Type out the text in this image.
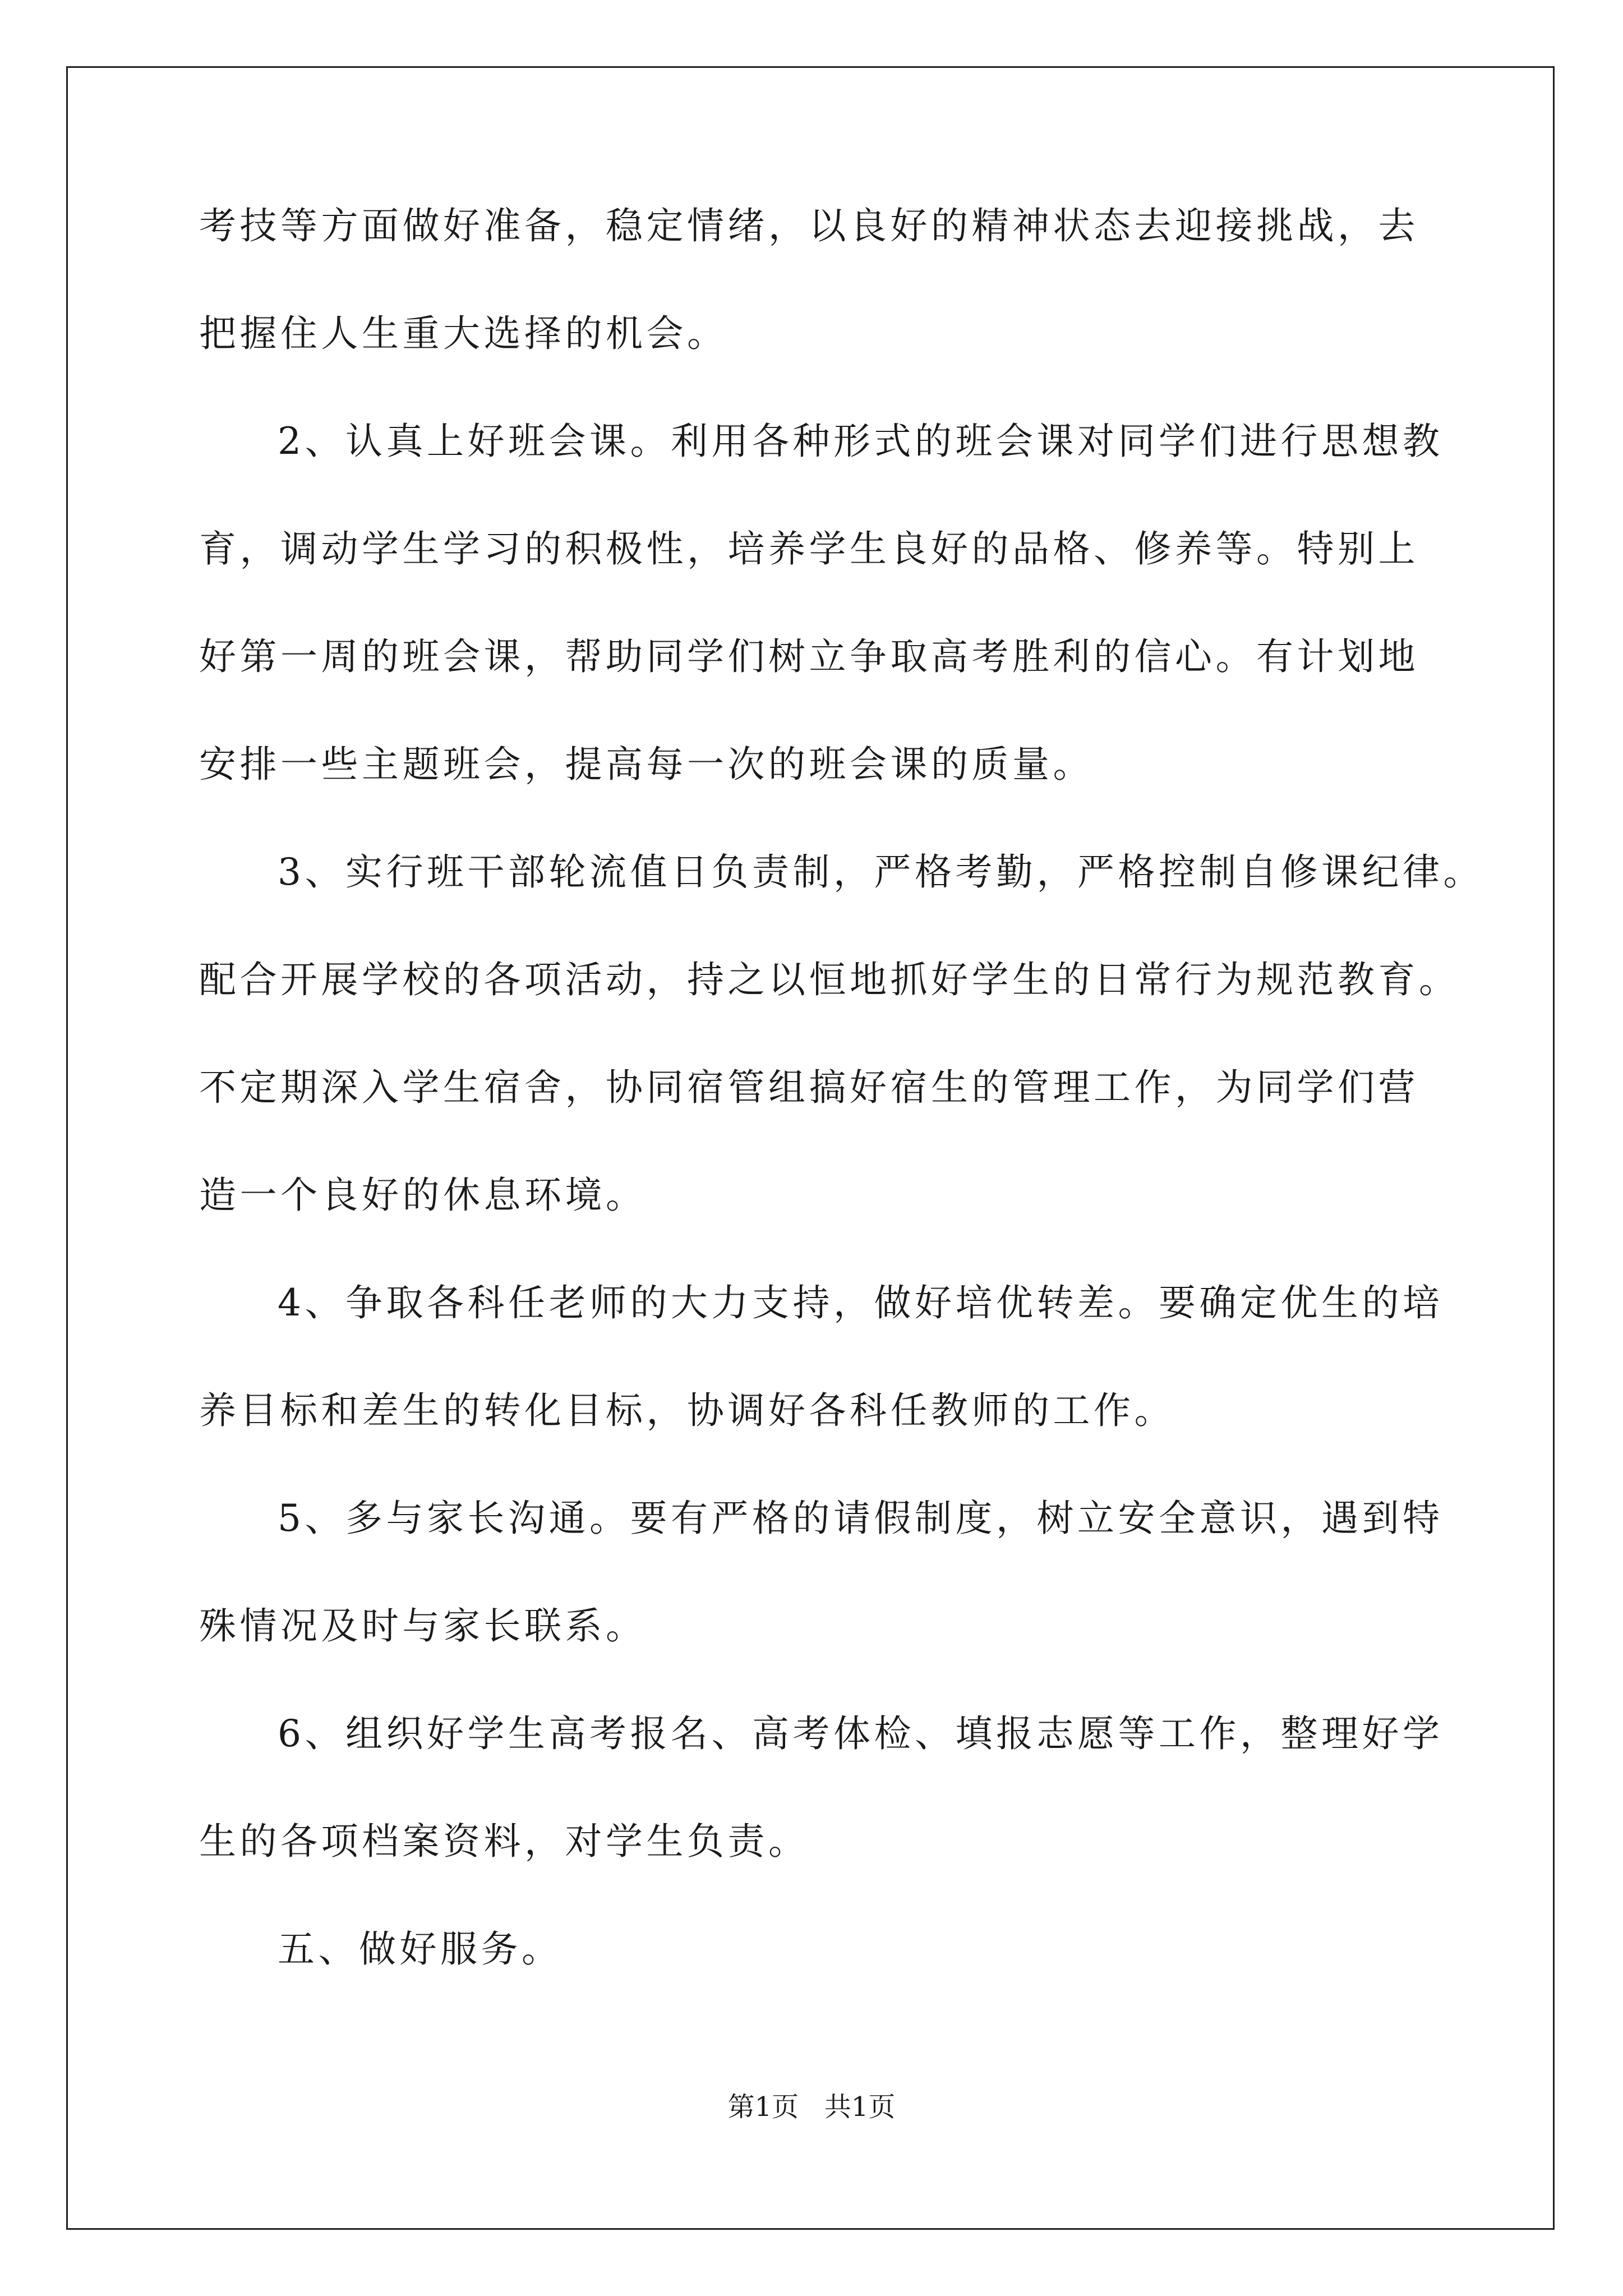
考技等方面做好准备，稳定情绪，以良好的精神状态去迎接挑战，去
把握住人生重大选择的机会。
2、认真上好班会课。利用各种形式的班会课对同学们进行思想教
育，调动学生学习的积极性，培养学生良好的品格、修养等。特别上
好第一周的班会课，帮助同学们树立争取高考胜利的信心。有计划地
安排一些主题班会，提高每一次的班会课的质量。
3、实行班干部轮流值日负责制，严格考勤，严格控制自修课纪律。
配合开展学校的各项活动，持之以恒地抓好学生的日常行为规范教育。
不定期深入学生宿舍，协同宿管组搞好宿生的管理工作，为同学们营
造一个良好的休息环境。
4、争取各科任老师的大力支持，做好培优转差。要确定优生的培
养目标和差生的转化目标，协调好各科任教师的工作。
5、多与家长沟通。要有严格的请假制度，树立安全意识，遇到特
殊情况及时与家长联系。
6、组织好学生高考报名、高考体检、填报志愿等工作，整理好学
生的各项档案资料，对学生负责。
五、做好服务。
第1页   共1页
